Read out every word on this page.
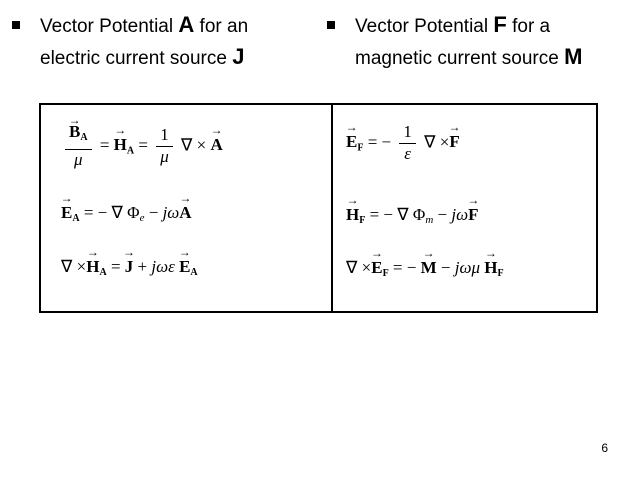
Vector Potential A for an
electric current source J
Vector Potential F for a
magnetic current source M
→ $\frac{B_A}{\mu}$ = → $H_A = \frac{1}{\mu}$ ∇ × → A
→ $E_A$ = − ∇ Φe − jω→ A
∇ ×→ $H_A$ = → $J + j\omega\varepsilon \to E_A$
→ $E_F$ = − $\frac{1}{\varepsilon}$ ∇ ×→ F
→ $H_F$ = − ∇ Φm − jω→ F
∇ ×→ $E_F$ = − → $M - j\omega\mu \to H_F$
6
